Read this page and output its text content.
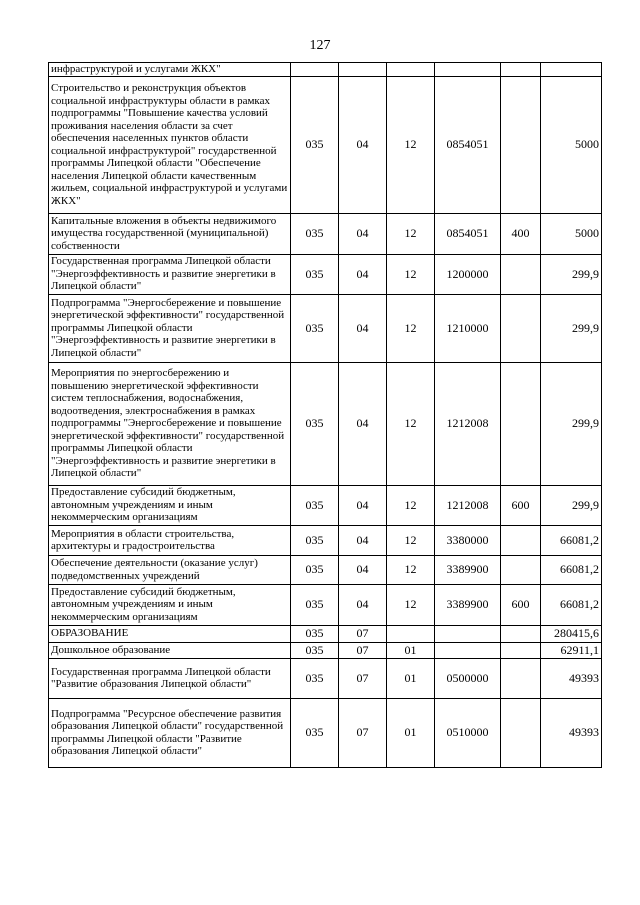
127
инфраструктурой и услугами ЖКХ"						
Строительство и реконструкция объектов социальной инфраструктуры области в рамках подпрограммы "Повышение качества условий проживания населения области за счет обеспечения населенных пунктов области социальной инфраструктурой" государственной программы Липецкой области "Обеспечение населения Липецкой области качественным жильем, социальной инфраструктурой и услугами ЖКХ"	035	04	12	0854051		5000
Капитальные вложения в объекты недвижимого имущества государственной (муниципальной) собственности	035	04	12	0854051	400	5000
Государственная программа Липецкой области "Энергоэффективность и развитие энергетики в Липецкой области"	035	04	12	1200000		299,9
Подпрограмма "Энергосбережение и повышение энергетической эффективности" государственной программы Липецкой области "Энергоэффективность и развитие энергетики в Липецкой области"	035	04	12	1210000		299,9
Мероприятия по энергосбережению и повышению энергетической эффективности систем теплоснабжения, водоснабжения, водоотведения, электроснабжения в рамках подпрограммы "Энергосбережение и повышение энергетической эффективности" государственной программы Липецкой области "Энергоэффективность и развитие энергетики в Липецкой области"	035	04	12	1212008		299,9
Предоставление субсидий бюджетным, автономным учреждениям и иным некоммерческим организациям	035	04	12	1212008	600	299,9
Мероприятия в области строительства, архитектуры и градостроительства	035	04	12	3380000		66081,2
Обеспечение деятельности (оказание услуг) подведомственных учреждений	035	04	12	3389900		66081,2
Предоставление субсидий бюджетным, автономным учреждениям и иным некоммерческим организациям	035	04	12	3389900	600	66081,2
ОБРАЗОВАНИЕ	035	07				280415,6
Дошкольное образование	035	07	01			62911,1
Государственная программа Липецкой области "Развитие образования Липецкой области"	035	07	01	0500000		49393
Подпрограмма "Ресурсное обеспечение развития образования Липецкой области" государственной программы Липецкой области "Развитие образования Липецкой области"	035	07	01	0510000		49393
